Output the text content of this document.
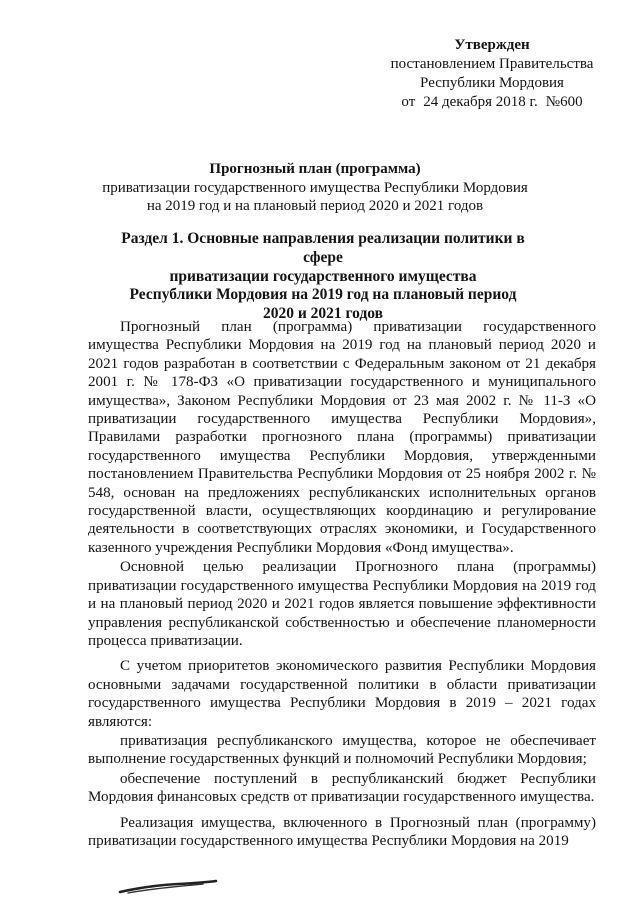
Утвержден
постановлением Правительства
Республики Мордовия
от 24 декабря 2018 г. №600
Прогнозный план (программа)
приватизации государственного имущества Республики Мордовия
на 2019 год и на плановый период 2020 и 2021 годов
Раздел 1. Основные направления реализации политики в сфере
приватизации государственного имущества
Республики Мордовия на 2019 год на плановый период
2020 и 2021 годов

Прогнозный план (программа) приватизации государственного имущества Республики Мордовия на 2019 год на плановый период 2020 и 2021 годов разработан в соответствии с Федеральным законом от 21 декабря 2001 г. № 178-ФЗ «О приватизации государственного и муниципального имущества», Законом Республики Мордовия от 23 мая 2002 г. № 11-З «О приватизации государственного имущества Республики Мордовия», Правилами разработки прогнозного плана (программы) приватизации государственного имущества Республики Мордовия, утвержденными постановлением Правительства Республики Мордовия от 25 ноября 2002 г. № 548, основан на предложениях республиканских исполнительных органов государственной власти, осуществляющих координацию и регулирование деятельности в соответствующих отраслях экономики, и Государственного казенного учреждения Республики Мордовия «Фонд имущества».

Основной целью реализации Прогнозного плана (программы) приватизации государственного имущества Республики Мордовия на 2019 год и на плановый период 2020 и 2021 годов является повышение эффективности управления республиканской собственностью и обеспечение планомерности процесса приватизации.

С учетом приоритетов экономического развития Республики Мордовия основными задачами государственной политики в области приватизации государственного имущества Республики Мордовия в 2019 – 2021 годах являются:

приватизация республиканского имущества, которое не обеспечивает выполнение государственных функций и полномочий Республики Мордовия;

обеспечение поступлений в республиканский бюджет Республики Мордовия финансовых средств от приватизации государственного имущества.

Реализация имущества, включенного в Прогнозный план (программу) приватизации государственного имущества Республики Мордовия на 2019
